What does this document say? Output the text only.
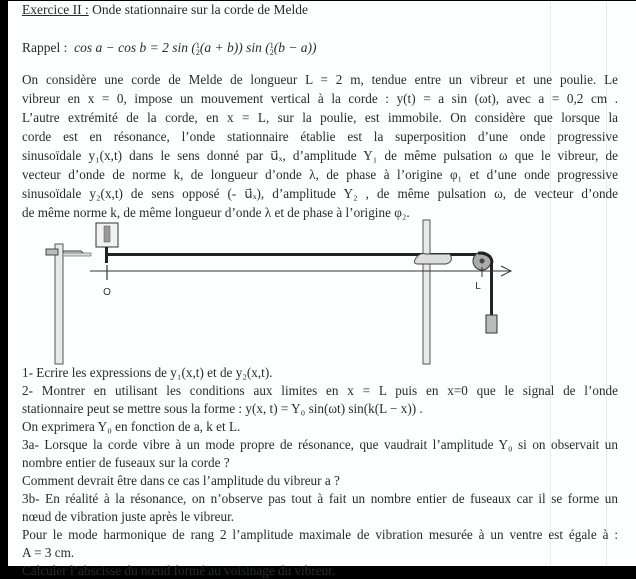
Exercice II : Onde stationnaire sur la corde de Melde
Rappel : cos a − cos b = 2 sin ( 1
2 (a + b)) sin ( 1
2 (b − a))
On considère une corde de Melde de longueur L = 2 m, tendue entre un vibreur et une poulie. Le
vibreur en x = 0, impose un mouvement vertical à la corde : y(t) = a sin (ωt), avec a = 0,2 cm .
L’autre extrémité de la corde, en x = L, sur la poulie, est immobile. On considère que lorsque la
corde est en résonance, l’onde stationnaire établie est la superposition d’une onde progressive
sinusoïdale y₁(x,t) dans le sens donné par u⃗ₓ, d’amplitude Y₁ de même pulsation ω que le vibreur, de
vecteur d’onde de norme k, de longueur d’onde λ, de phase à l’origine φ₁ et d’une onde progressive
sinusoïdale y₂(x,t) de sens opposé (- u⃗ₓ), d’amplitude Y₂ , de même pulsation ω, de vecteur d’onde
de même norme k, de même longueur d’onde λ et de phase à l’origine φ₂.
O
L
1- Ecrire les expressions de y₁(x,t) et de y₂(x,t).
2- Montrer en utilisant les conditions aux limites en x = L puis en x=0 que le signal de l’onde
stationnaire peut se mettre sous la forme : y(x, t) = Y₀ sin(ωt) sin(k(L − x)) .
On exprimera Y₀ en fonction de a, k et L.
3a- Lorsque la corde vibre à un mode propre de résonance, que vaudrait l’amplitude Y₀ si on observait un
nombre entier de fuseaux sur la corde ?
Comment devrait être dans ce cas l’amplitude du vibreur a ?
3b- En réalité à la résonance, on n’observe pas tout à fait un nombre entier de fuseaux car il se forme un
nœud de vibration juste après le vibreur.
Pour le mode harmonique de rang 2 l’amplitude maximale de vibration mesurée à un ventre est égale à :
A = 3 cm.
Calculer l’abscisse du nœud formé au voisinage du vibreur.
